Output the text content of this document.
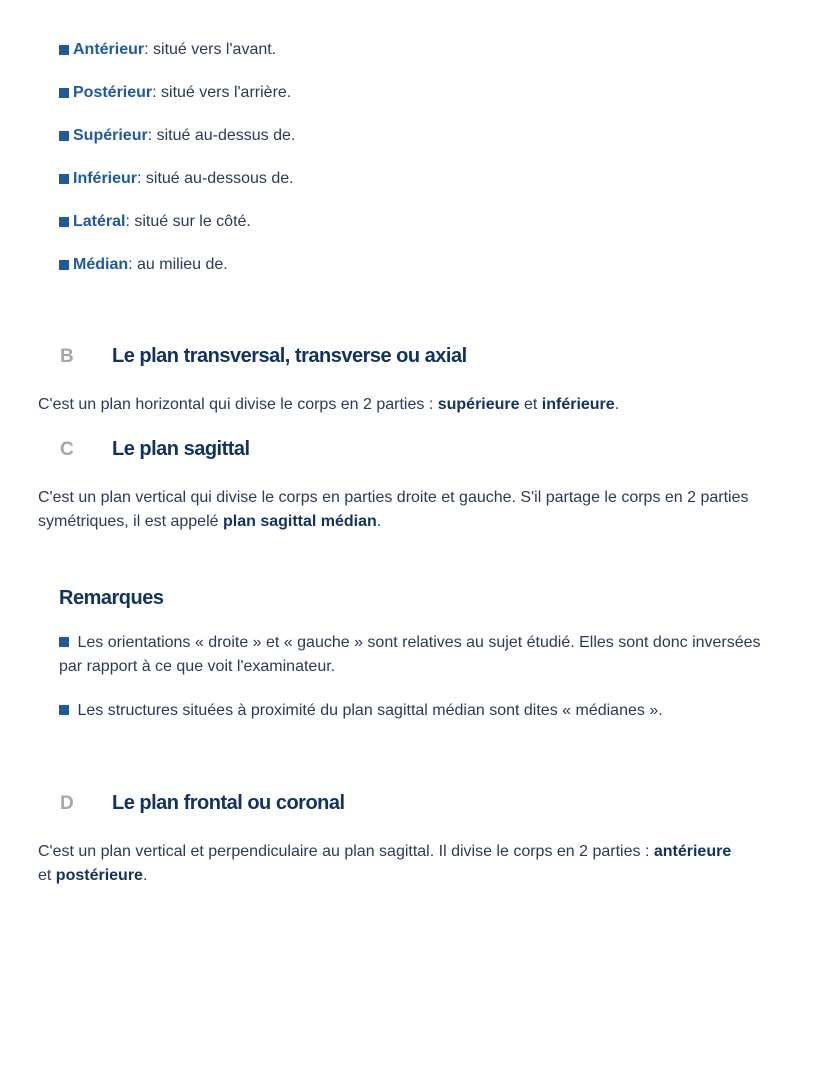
Antérieur : situé vers l'avant.
Postérieur : situé vers l'arrière.
Supérieur : situé au-dessus de.
Inférieur : situé au-dessous de.
Latéral : situé sur le côté.
Médian : au milieu de.
B	Le plan transversal, transverse ou axial
C'est un plan horizontal qui divise le corps en 2 parties : supérieure et inférieure.
C	Le plan sagittal
C'est un plan vertical qui divise le corps en parties droite et gauche. S'il partage le corps en 2 parties symétriques, il est appelé plan sagittal médian.
Remarques
Les orientations « droite » et « gauche » sont relatives au sujet étudié. Elles sont donc inversées par rapport à ce que voit l'examinateur.
Les structures situées à proximité du plan sagittal médian sont dites « médianes ».
D	Le plan frontal ou coronal
C'est un plan vertical et perpendiculaire au plan sagittal. Il divise le corps en 2 parties : antérieure et postérieure.
